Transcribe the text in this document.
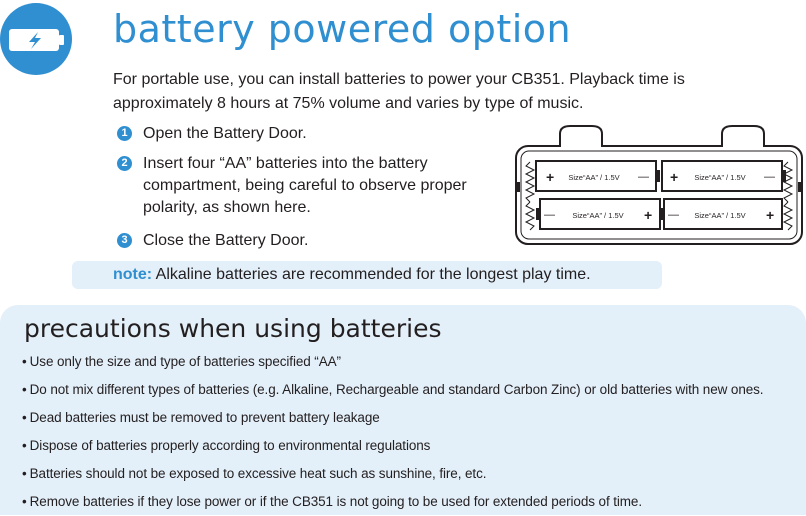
battery powered option

For portable use, you can install batteries to power your CB351. Playback time is approximately 8 hours at 75% volume and varies by type of music.

1 Open the Battery Door.
2 Insert four “AA” batteries into the battery compartment, being careful to observe proper polarity, as shown here.
3 Close the Battery Door.
+ Size“AA” / 1.5V — + Size“AA” / 1.5V —
— Size“AA” / 1.5V + — Size“AA” / 1.5V +
note: Alkaline batteries are recommended for the longest play time.
precautions when using batteries
• Use only the size and type of batteries specified “AA”
• Do not mix different types of batteries (e.g. Alkaline, Rechargeable and standard Carbon Zinc) or old batteries with new ones.
• Dead batteries must be removed to prevent battery leakage
• Dispose of batteries properly according to environmental regulations
• Batteries should not be exposed to excessive heat such as sunshine, fire, etc.
• Remove batteries if they lose power or if the CB351 is not going to be used for extended periods of time.
